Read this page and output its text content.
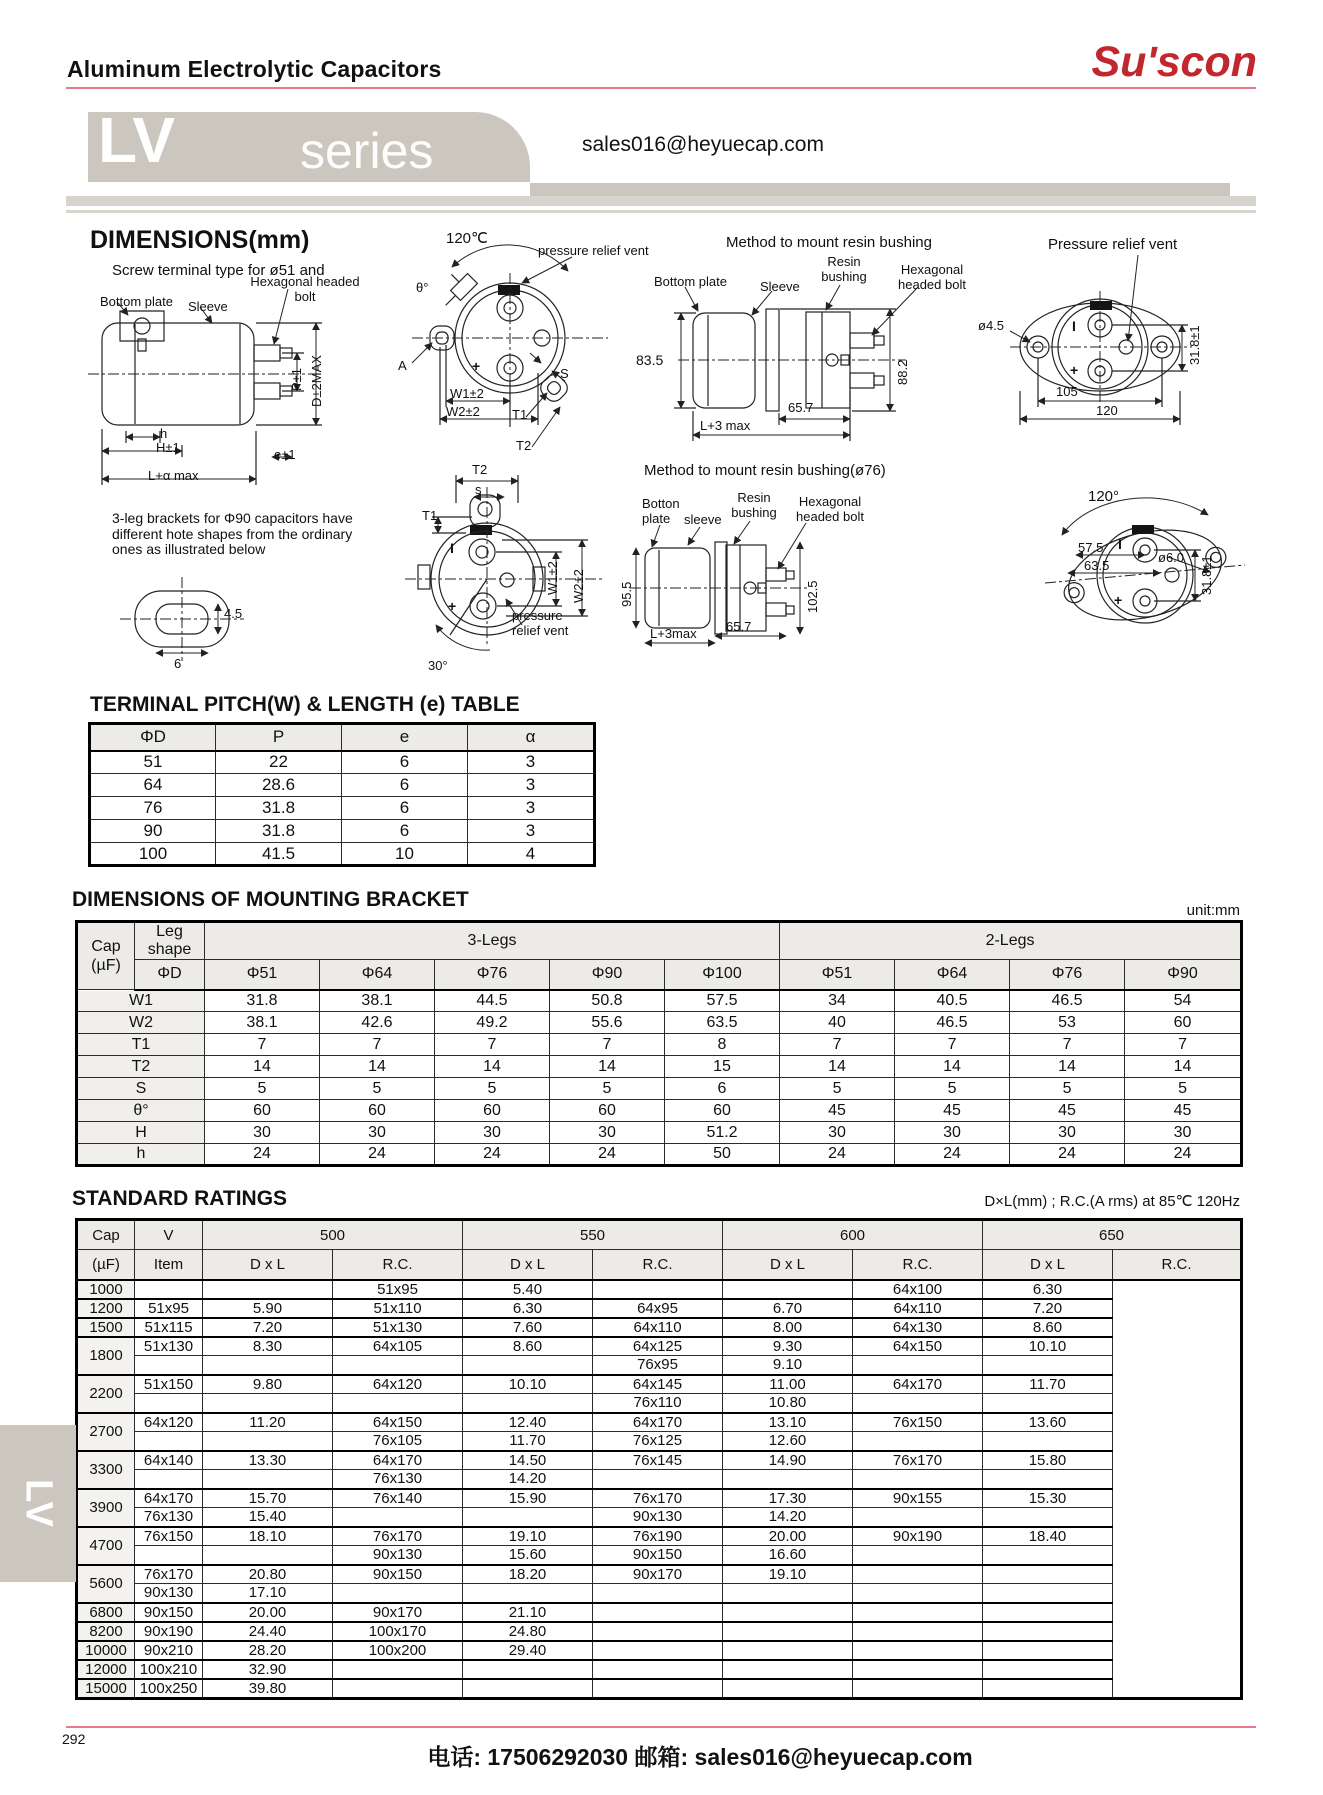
Aluminum Electrolytic Capacitors	Su'scon
LV series	sales016@heyuecap.com
DIMENSIONS(mm)
Screw terminal type for ø51 and
Hexagonal headed bolt
Bottom plate Sleeve
P±1 D±2MAX
h
H±1	e±1
L+α max
120℃
pressure relief vent
θ°
A	+
W1±2
W2±2 T1
T2
S
T2
s
T1
W1±2 W2±2
30°
pressure relief vent
I
+
3-leg brackets for Φ90 capacitors have different hote shapes from the ordinary ones as illustrated below
4.5
6
Method to mount resin bushing
Bottom plate	Sleeve
Resin bushing	Hexagonal headed bolt
83.5	88.2
65.7
L+3 max
Method to mount resin bushing(ø76)
Botton plate	sleeve
Resin bushing
Hexagonal headed bolt
95.5	102.5
L+3max 65.7
Pressure relief vent
ø4.5	31.8±1
105
120
I
+
120°
31.8±1
57.5
63.5
ø6.0
I
+
TERMINAL PITCH(W) & LENGTH (e) TABLE
ΦD	P	e	α
51	22	6	3
64	28.6	6	3
76	31.8	6	3
90	31.8	6	3
100	41.5	10	4
DIMENSIONS OF MOUNTING BRACKET	unit:mm
Cap
(µF)	Leg shape	3-Legs					2-Legs			
	ΦD	Φ51	Φ64	Φ76	Φ90	Φ100	Φ51	Φ64	Φ76	Φ90
W1		31.8	38.1	44.5	50.8	57.5	34	40.5	46.5	54
W2		38.1	42.6	49.2	55.6	63.5	40	46.5	53	60
T1		7	7	7	7	8	7	7	7	7
T2		14	14	14	14	15	14	14	14	14
S		5	5	5	5	6	5	5	5	5
θ°		60	60	60	60	60	45	45	45	45
H		30	30	30	30	51.2	30	30	30	30
h		24	24	24	24	50	24	24	24	24
STANDARD RATINGS	D×L(mm) ; R.C.(A rms) at 85℃ 120Hz
Cap	V	500		550		600		650	
(µF)	Item	D x L	R.C.	D x L	R.C.	D x L	R.C.	D x L	R.C.
1000			51x95	5.40			64x100	6.30	
1200	51x95	5.90	51x110	6.30	64x95	6.70	64x110	7.20	
1500	51x115	7.20	51x130	7.60	64x110	8.00	64x130	8.60	
1800	51x130	8.30	64x105	8.60	64x125	9.30	64x150	10.10	
					76x95	9.10			
2200	51x150	9.80	64x120	10.10	64x145	11.00	64x170	11.70	
					76x110	10.80			
2700	64x120	11.20	64x150	12.40	64x170	13.10	76x150	13.60	
			76x105	11.70	76x125	12.60			
3300	64x140	13.30	64x170	14.50	76x145	14.90	76x170	15.80	
			76x130	14.20					
3900	64x170	15.70	76x140	15.90	76x170	17.30	90x155	15.30	
	76x130	15.40			90x130	14.20			
4700	76x150	18.10	76x170	19.10	76x190	20.00	90x190	18.40	
			90x130	15.60	90x150	16.60			
5600	76x170	20.80	90x150	18.20	90x170	19.10			
	90x130	17.10							
6800	90x150	20.00	90x170	21.10					
8200	90x190	24.40	100x170	24.80					
10000	90x210	28.20	100x200	29.40					
12000	100x210	32.90							
15000	100x250	39.80							
LV
292
电话: 17506292030 邮箱: sales016@heyuecap.com
